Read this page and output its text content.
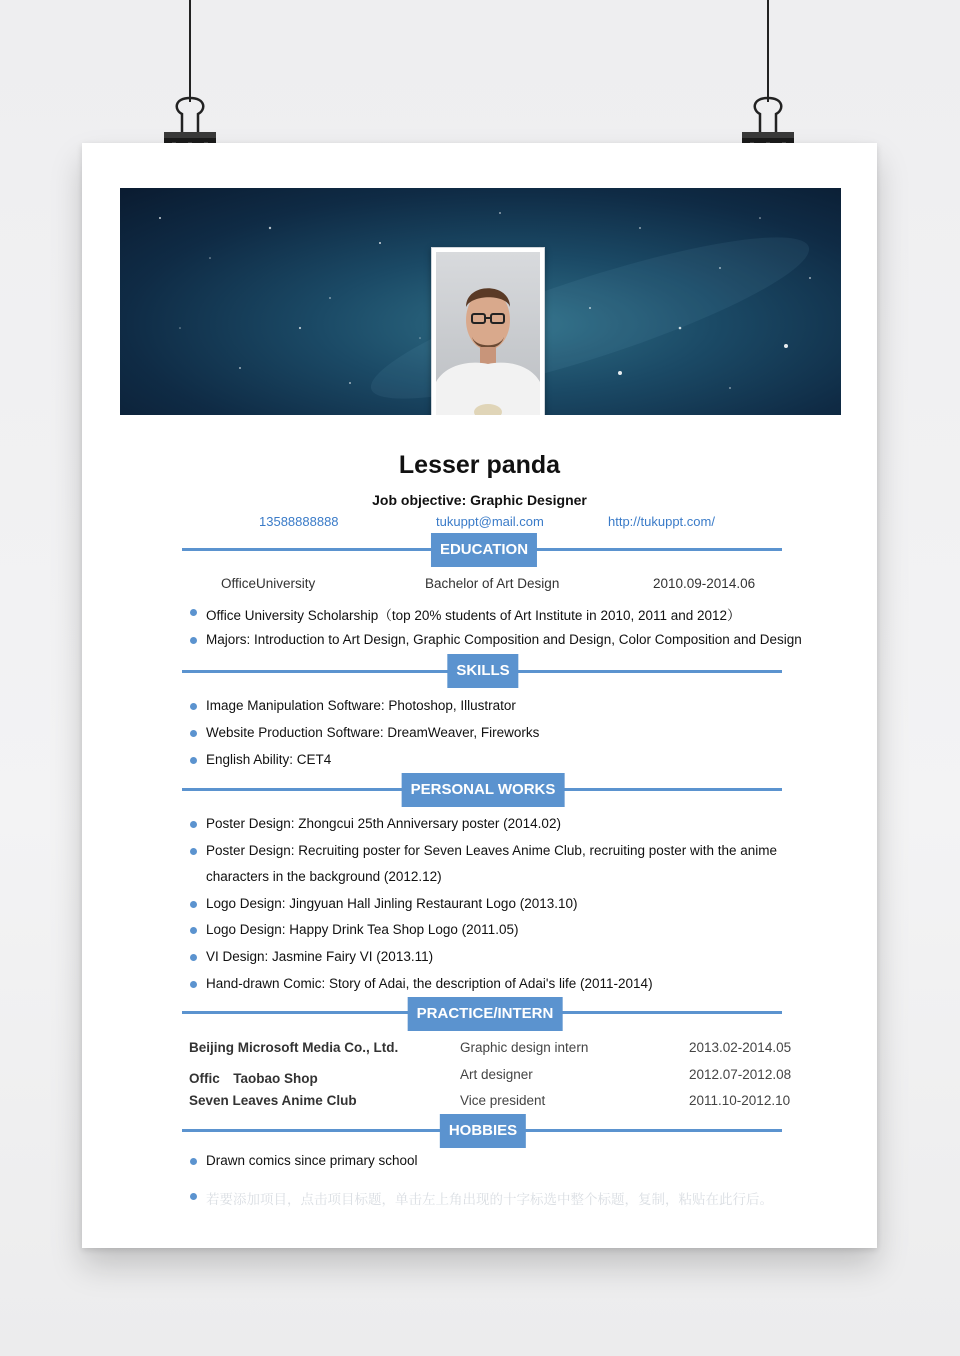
Lesser panda
Job objective: Graphic Designer
13588888888	tukuppt@mail.com	http://tukuppt.com/
EDUCATION
OfficeUniversity	Bachelor of Art Design	2010.09-2014.06
Office University Scholarship（top 20% students of Art Institute in 2010, 2011 and 2012）
Majors: Introduction to Art Design, Graphic Composition and Design, Color Composition and Design
SKILLS
Image Manipulation Software: Photoshop, Illustrator
Website Production Software: DreamWeaver, Fireworks
English Ability: CET4
PERSONAL WORKS
Poster Design: Zhongcui 25th Anniversary poster (2014.02)
Poster Design: Recruiting poster for Seven Leaves Anime Club, recruiting poster with the anime
characters in the background (2012.12)
Logo Design: Jingyuan Hall Jinling Restaurant Logo (2013.10)
Logo Design: Happy Drink Tea Shop Logo (2011.05)
VI Design: Jasmine Fairy VI (2013.11)
Hand-drawn Comic: Story of Adai, the description of Adai's life (2011-2014)
PRACTICE/INTERN
Beijing Microsoft Media Co., Ltd.	Graphic design intern	2013.02-2014.05
Offic　Taobao Shop	Art designer	2012.07-2012.08
Seven Leaves Anime Club	Vice president	2011.10-2012.10
HOBBIES
Drawn comics since primary school
若要添加项目，点击项目标题，单击左上角出现的十字标选中整个标题，复制，粘贴在此行后。
